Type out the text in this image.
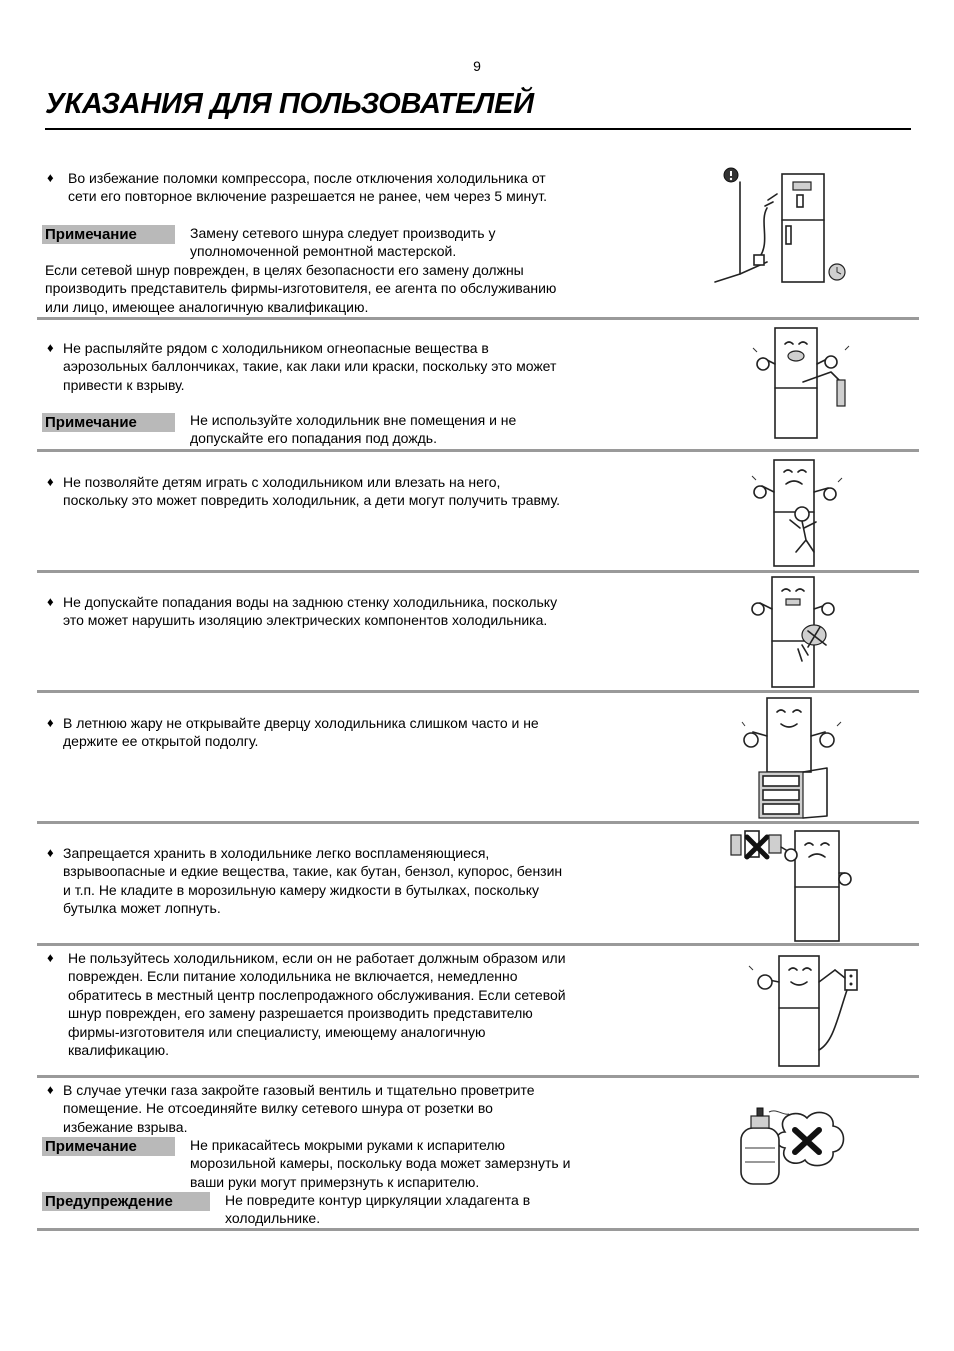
9
УКАЗАНИЯ ДЛЯ ПОЛЬЗОВАТЕЛЕЙ
♦	Во избежание поломки компрессора, после отключения холодильника от
сети его повторное включение разрешается не ранее, чем через 5 минут.
Примечание	Замену сетевого шнура следует производить у
уполномоченной ремонтной мастерской.
Если сетевой шнур поврежден, в целях безопасности его замену должны
производить представитель фирмы-изготовителя, ее агента по обслуживанию
или лицо, имеющее аналогичную квалификацию.
♦ Не распыляйте рядом с холодильником огнеопасные вещества в
аэрозольных баллончиках, такие, как лаки или краски, поскольку это может
привести к взрыву.
Примечание	Не используйте холодильник вне помещения и не
допускайте его попадания под дождь.
♦ Не позволяйте детям играть с холодильником или влезать на него,
поскольку это может повредить холодильник, а дети могут получить травму.
♦ Не допускайте попадания воды на заднюю стенку холодильника, поскольку
это может нарушить изоляцию электрических компонентов холодильника.
♦ В летнюю жару не открывайте дверцу холодильника слишком часто и не
держите ее открытой подолгу.
♦ Запрещается хранить в холодильнике легко воспламеняющиеся,
взрывоопасные и едкие вещества, такие, как бутан, бензол, купорос, бензин
и т.п. Не кладите в морозильную камеру жидкости в бутылках, поскольку
бутылка может лопнуть.
♦	Не пользуйтесь холодильником, если он не работает должным образом или
поврежден. Если питание холодильника не включается, немедленно
обратитесь в местный центр послепродажного обслуживания. Если сетевой
шнур поврежден, его замену разрешается производить представителю
фирмы-изготовителя или специалисту, имеющему аналогичную
квалификацию.
♦ В случае утечки газа закройте газовый вентиль и тщательно проветрите
помещение. Не отсоединяйте вилку сетевого шнура от розетки во
избежание взрыва.
Примечание	Не прикасайтесь мокрыми руками к испарителю
морозильной камеры, поскольку вода может замерзнуть и
ваши руки могут примерзнуть к испарителю.
Предупреждение	Не повредите контур циркуляции хладагента в
холодильнике.
